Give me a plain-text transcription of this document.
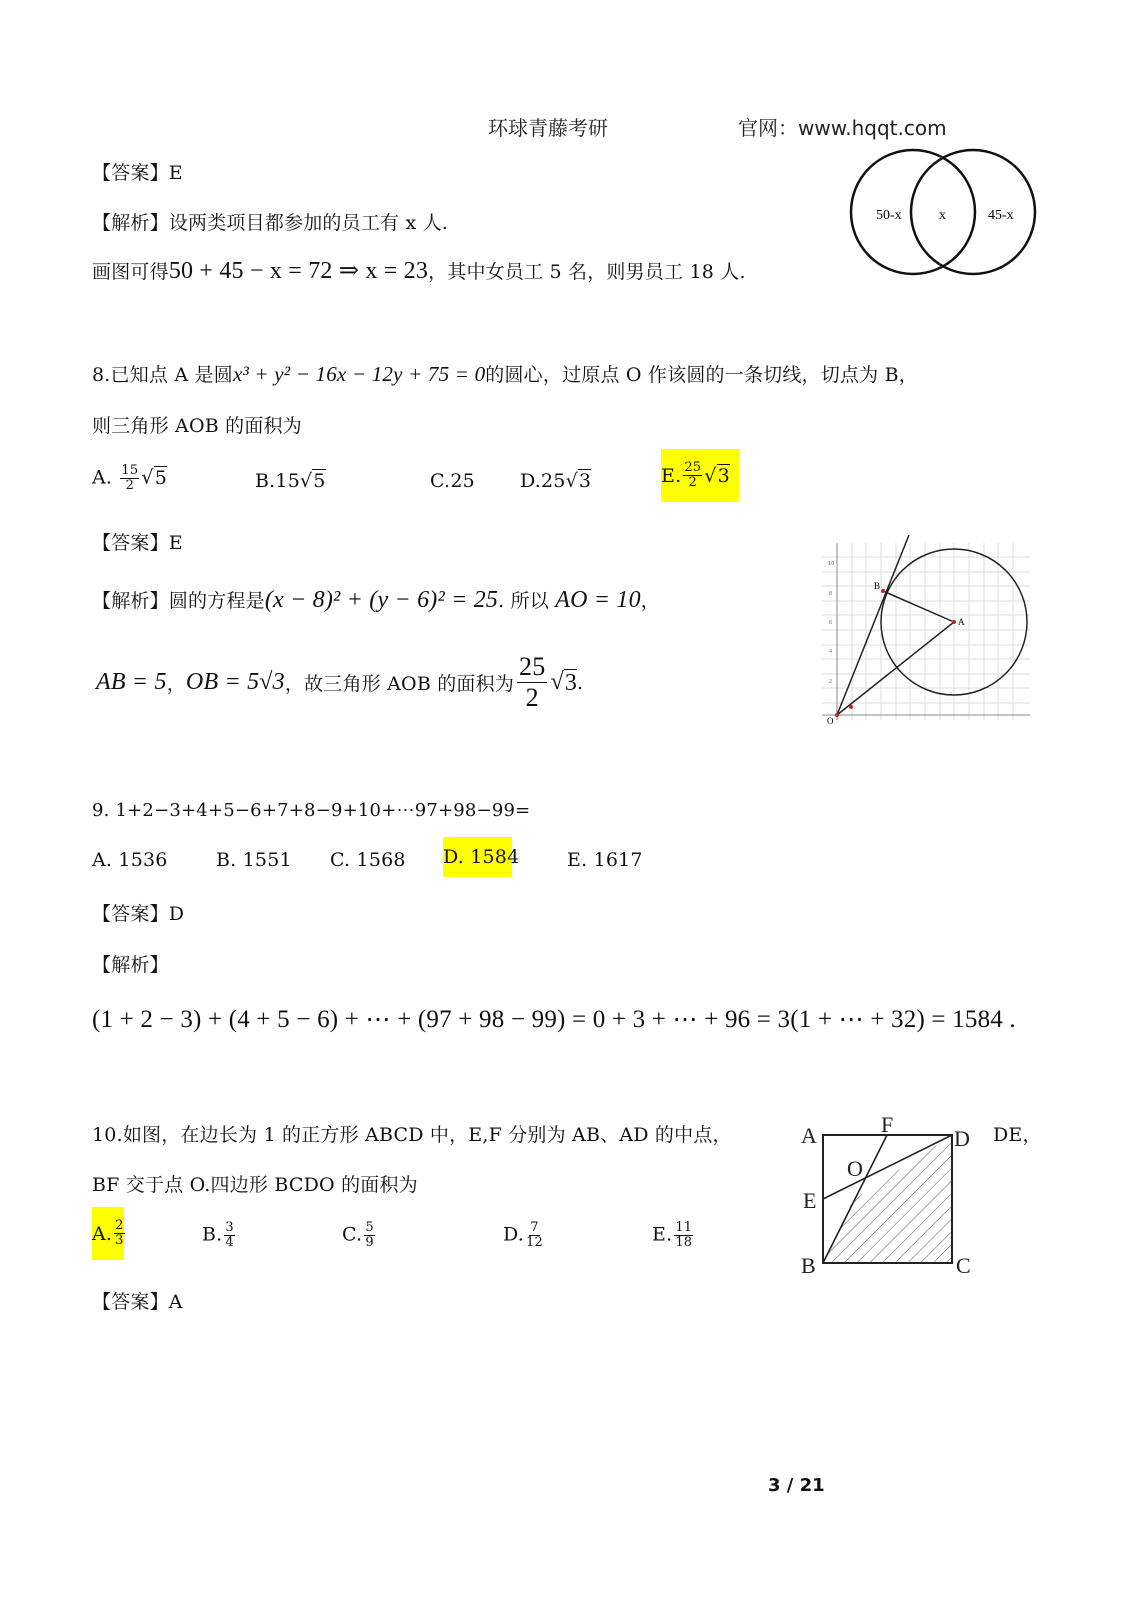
环球青藤考研	官网：www.hqqt.com
【答案】E
【解析】设两类项目都参加的员工有 x 人.
画图可得50 + 45 − x = 72 ⇒ x = 23，其中女员工 5 名，则男员工 18 人.
50-x	x	45-x
8.已知点 A 是圆x³ + y² − 16x − 12y + 75 = 0的圆心，过原点 O 作该圆的一条切线，切点为 B，
则三角形 AOB 的面积为
A. $\frac{15}{2} √5$	B.15√5	C.25 D.25√3	E. $\frac{25}{2}$ √ 3
【答案】E
【解析】圆的方程是(x − 8)² + (y − 6)² = 25. 所以 AO = 10，
AB = 5 ， OB = 5√3 ，故三角形 AOB 的面积为 $\frac{25}{2}$ √ 3 .
10
8
6
4
2
B
A
O
9. 1+2−3+4+5−6+7+8−9+10+⋯97+98−99=
A. 1536	B. 1551 C. 1568 D. 1584	E. 1617
【答案】D
【解析】
(1 + 2 − 3) + (4 + 5 − 6) + ⋯ + (97 + 98 − 99) = 0 + 3 + ⋯ + 96 = 3(1 + ⋯ + 32) = 1584 .
10.如图，在边长为 1 的正方形 ABCD 中，E,F 分别为 AB、AD 的中点，	DE，
BF 交于点 O.四边形 BCDO 的面积为
A. $\frac{2}{3}$	B. $\frac{3}{4}$	C. $\frac{5}{9}$	D. $\frac{7}{12}$	E. $\frac{11}{18}$
【答案】A
A	F
D
O
E
B	C
3 / 21
